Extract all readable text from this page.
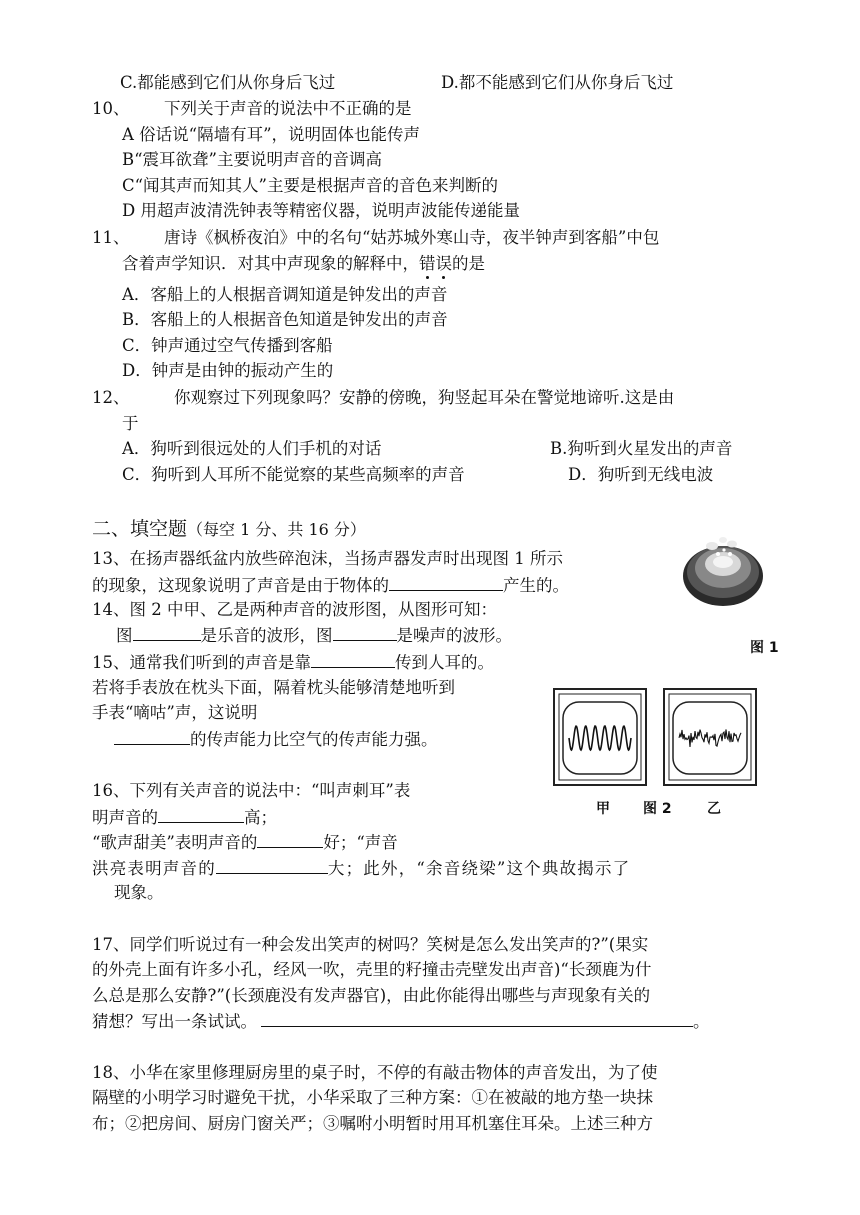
C.都能感到它们从你身后飞过	D.都不能感到它们从你身后飞过
10、 下列关于声音的说法中不正确的是
A 俗话说“隔墙有耳”，说明固体也能传声
B“震耳欲聋”主要说明声音的音调高
C“闻其声而知其人”主要是根据声音的音色来判断的
D 用超声波清洗钟表等精密仪器，说明声波能传递能量
11、 唐诗《枫桥夜泊》中的名句“姑苏城外寒山寺，夜半钟声到客船”中包
含着声学知识．对其中声现象的解释中，错误的是
A．客船上的人根据音调知道是钟发出的声音
B．客船上的人根据音色知道是钟发出的声音
C．钟声通过空气传播到客船
D．钟声是由钟的振动产生的
12、	你观察过下列现象吗？安静的傍晚，狗竖起耳朵在警觉地谛听.这是由
于
A．狗听到很远处的人们手机的对话	B.狗听到火星发出的声音
C．狗听到人耳所不能觉察的某些高频率的声音	D．狗听到无线电波
二、填空题（每空 1 分、共 16 分）
13、在扬声器纸盆内放些碎泡沫，当扬声器发声时出现图 1 所示
的现象，这现象说明了声音是由于物体的	产生的。
图 1
14、图 2 中甲、乙是两种声音的波形图，从图形可知：
图	是乐音的波形，图	是噪声的波形。
15、通常我们听到的声音是靠	传到人耳的。
若将手表放在枕头下面，隔着枕头能够清楚地听到
手表“嘀咕”声，这说明
的传声能力比空气的传声能力强。
甲 图 2	乙
16、下列有关声音的说法中：“叫声刺耳”表
明声音的	高；
“歌声甜美”表明声音的	好；“声音
洪亮表明声音的	大；此外，“余音绕梁”这个典故揭示了
现象。
17、同学们听说过有一种会发出笑声的树吗？笑树是怎么发出笑声的?”(果实
的外壳上面有许多小孔，经风一吹，壳里的籽撞击壳壁发出声音)“长颈鹿为什
么总是那么安静?”(长颈鹿没有发声器官)，由此你能得出哪些与声现象有关的
猜想？写出一条试试。	。
18、小华在家里修理厨房里的桌子时，不停的有敲击物体的声音发出，为了使
隔壁的小明学习时避免干扰，小华采取了三种方案：①在被敲的地方垫一块抹
布；②把房间、厨房门窗关严；③嘱咐小明暂时用耳机塞住耳朵。上述三种方
